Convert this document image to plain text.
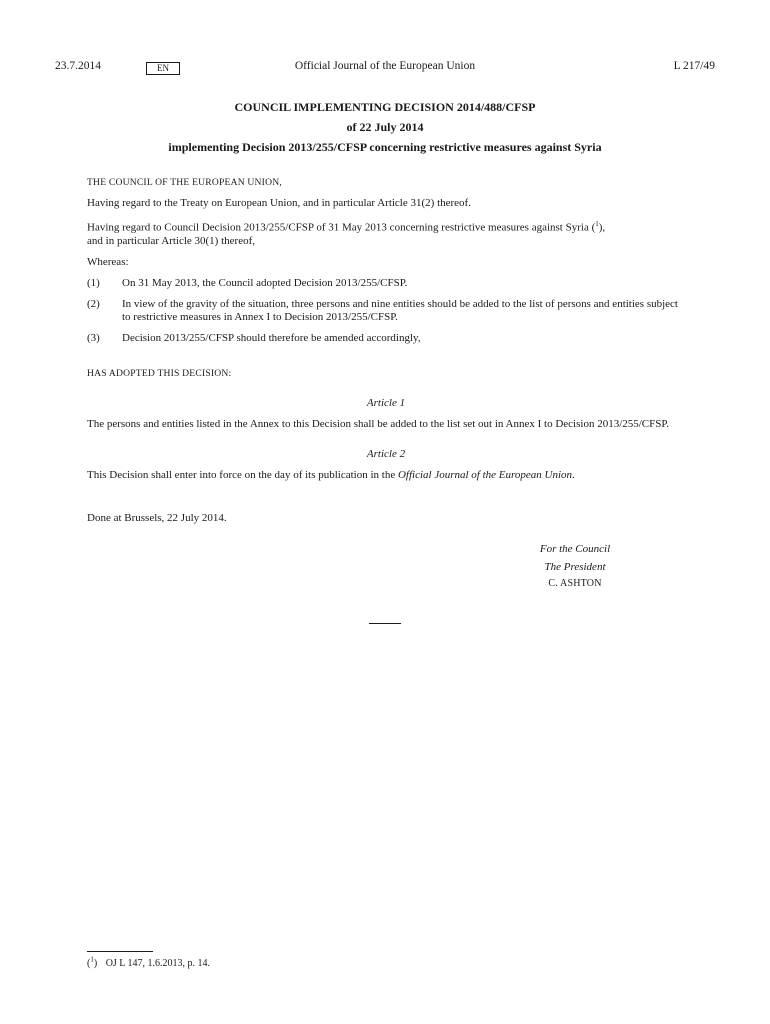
23.7.2014	EN	Official Journal of the European Union	L 217/49
COUNCIL IMPLEMENTING DECISION 2014/488/CFSP
of 22 July 2014
implementing Decision 2013/255/CFSP concerning restrictive measures against Syria

THE COUNCIL OF THE EUROPEAN UNION,

Having regard to the Treaty on European Union, and in particular Article 31(2) thereof.

Having regard to Council Decision 2013/255/CFSP of 31 May 2013 concerning restrictive measures against Syria ($^1$),
and in particular Article 30(1) thereof,

Whereas:

(1) On 31 May 2013, the Council adopted Decision 2013/255/CFSP.
(2) In view of the gravity of the situation, three persons and nine entities should be added to the list of persons and entities subject to restrictive measures in Annex I to Decision 2013/255/CFSP.
(3) Decision 2013/255/CFSP should therefore be amended accordingly,

HAS ADOPTED THIS DECISION:

Article 1

The persons and entities listed in the Annex to this Decision shall be added to the list set out in Annex I to Decision 2013/255/CFSP.

Article 2

This Decision shall enter into force on the day of its publication in the Official Journal of the European Union.

Done at Brussels, 22 July 2014.

For the Council
The President
C. ASHTON
($^1$) OJ L 147, 1.6.2013, p. 14.
